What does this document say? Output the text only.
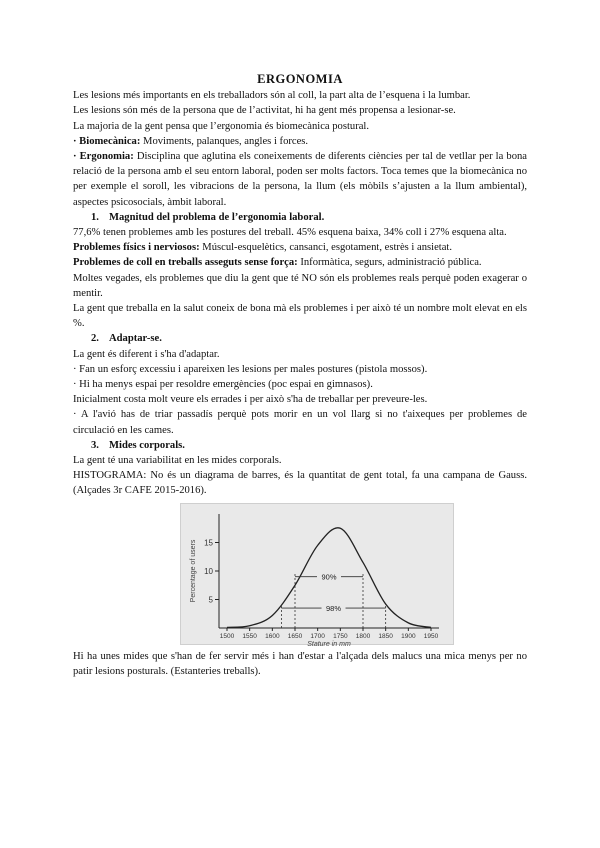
ERGONOMIA

Les lesions més importants en els treballadors són al coll, la part alta de l’esquena i la lumbar.

Les lesions són més de la persona que de l’activitat, hi ha gent més propensa a lesionar-se.

La majoria de la gent pensa que l’ergonomia és biomecànica postural.

· Biomecànica: Moviments, palanques, angles i forces.

· Ergonomia: Disciplina que aglutina els coneixements de diferents ciències per tal de vetllar per la bona relació de la persona amb el seu entorn laboral, poden ser molts factors. Toca temes que la biomecànica no per exemple el soroll, les vibracions de la persona, la llum (els mòbils s’ajusten a la llum ambiental), aspectes psicosocials, àmbit laboral.

1. Magnitud del problema de l’ergonomia laboral.

77,6% tenen problemes amb les postures del treball. 45% esquena baixa, 34% coll i 27% esquena alta.

Problemes físics i nerviosos: Múscul-esquelètics, cansanci, esgotament, estrès i ansietat.

Problemes de coll en treballs asseguts sense força: Informàtica, segurs, administració pública.

Moltes vegades, els problemes que diu la gent que té NO són els problemes reals perquè poden exagerar o mentir.

La gent que treballa en la salut coneix de bona mà els problemes i per això té un nombre molt elevat en els %.

2. Adaptar-se.

La gent és diferent i s'ha d'adaptar.

· Fan un esforç excessiu i apareixen les lesions per males postures (pistola mossos).

· Hi ha menys espai per resoldre emergències (poc espai en gimnasos).

Inicialment costa molt veure els errades i per això s'ha de treballar per preveure-les.

· A l'avió has de triar passadís perquè pots morir en un vol llarg si no t'aixeques per problemes de circulació en les cames.

3. Mides corporals.

La gent té una variabilitat en les mides corporals.

HISTOGRAMA: No és un diagrama de barres, és la quantitat de gent total, fa una campana de Gauss. (Alçades 3r CAFE 2015-2016).

5
10
15
1500 1550 1600 1650 1700 1750 1800 1850 1900 1950
Percentage of users
Stature in mm
90%
98%

Hi ha unes mides que s'han de fer servir més i han d'estar a l'alçada dels malucs una mica menys per no patir lesions posturals. (Estanteries treballs).
